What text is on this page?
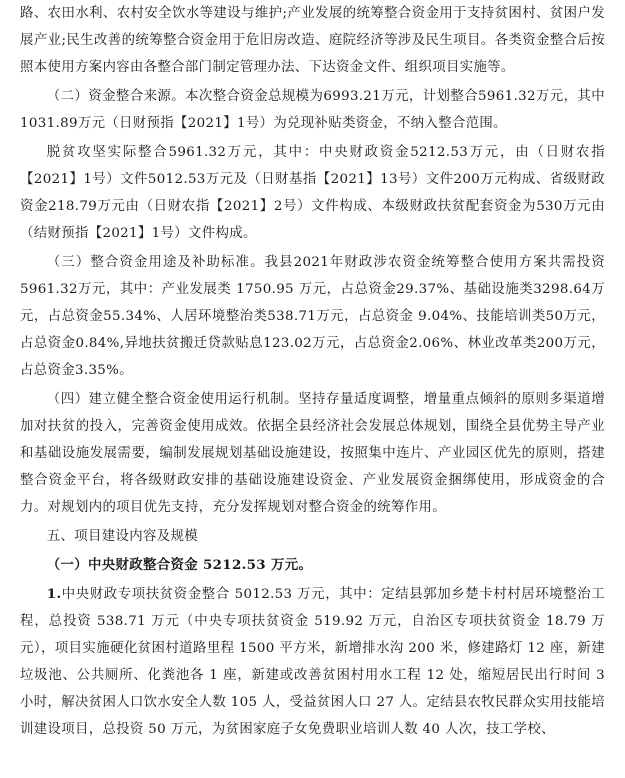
路、农田水利、农村安全饮水等建设与维护;产业发展的统筹整合资金用于支持贫困村、贫困户发展产业;民生改善的统筹整合资金用于危旧房改造、庭院经济等涉及民生项目。各类资金整合后按照本使用方案内容由各整合部门制定管理办法、下达资金文件、组织项目实施等。

（二）资金整合来源。本次整合资金总规模为6993.21万元，计划整合5961.32万元，其中1031.89万元（日财预指【2021】1号）为兑现补贴类资金，不纳入整合范围。

脱贫攻坚实际整合5961.32万元，其中：中央财政资金5212.53万元，由（日财农指【2021】1号）文件5012.53万元及（日财基指【2021】13号）文件200万元构成、省级财政资金218.79万元由（日财农指【2021】2号）文件构成、本级财政扶贫配套资金为530万元由（结财预指【2021】1号）文件构成。

（三）整合资金用途及补助标准。我县2021年财政涉农资金统筹整合使用方案共需投资5961.32万元，其中：产业发展类 1750.95 万元，占总资金29.37%、基础设施类3298.64万元，占总资金55.34%、人居环境整治类538.71万元，占总资金 9.04%、技能培训类50万元，占总资金0.84%,异地扶贫搬迁贷款贴息123.02万元，占总资金2.06%、林业改革类200万元，占总资金3.35%。

（四）建立健全整合资金使用运行机制。坚持存量适度调整，增量重点倾斜的原则多渠道增加对扶贫的投入，完善资金使用成效。依据全县经济社会发展总体规划，围绕全县优势主导产业和基础设施发展需要，编制发展规划基础设施建设，按照集中连片、产业园区优先的原则，搭建整合资金平台，将各级财政安排的基础设施建设资金、产业发展资金捆绑使用，形成资金的合力。对规划内的项目优先支持，充分发挥规划对整合资金的统筹作用。

五、项目建设内容及规模

（一）中央财政整合资金 5212.53 万元。

1.中央财政专项扶贫资金整合 5012.53 万元，其中：定结县郭加乡楚卡村村居环境整治工程，总投资 538.71 万元（中央专项扶贫资金 519.92 万元，自治区专项扶贫资金 18.79 万元），项目实施硬化贫困村道路里程 1500 平方米，新增排水沟 200 米，修建路灯 12 座，新建垃圾池、公共厕所、化粪池各 1 座，新建或改善贫困村用水工程 12 处，缩短居民出行时间 3 小时，解决贫困人口饮水安全人数 105 人，受益贫困人口 27 人。定结县农牧民群众实用技能培训建设项目，总投资 50 万元，为贫困家庭子女免费职业培训人数 40 人次，技工学校、
